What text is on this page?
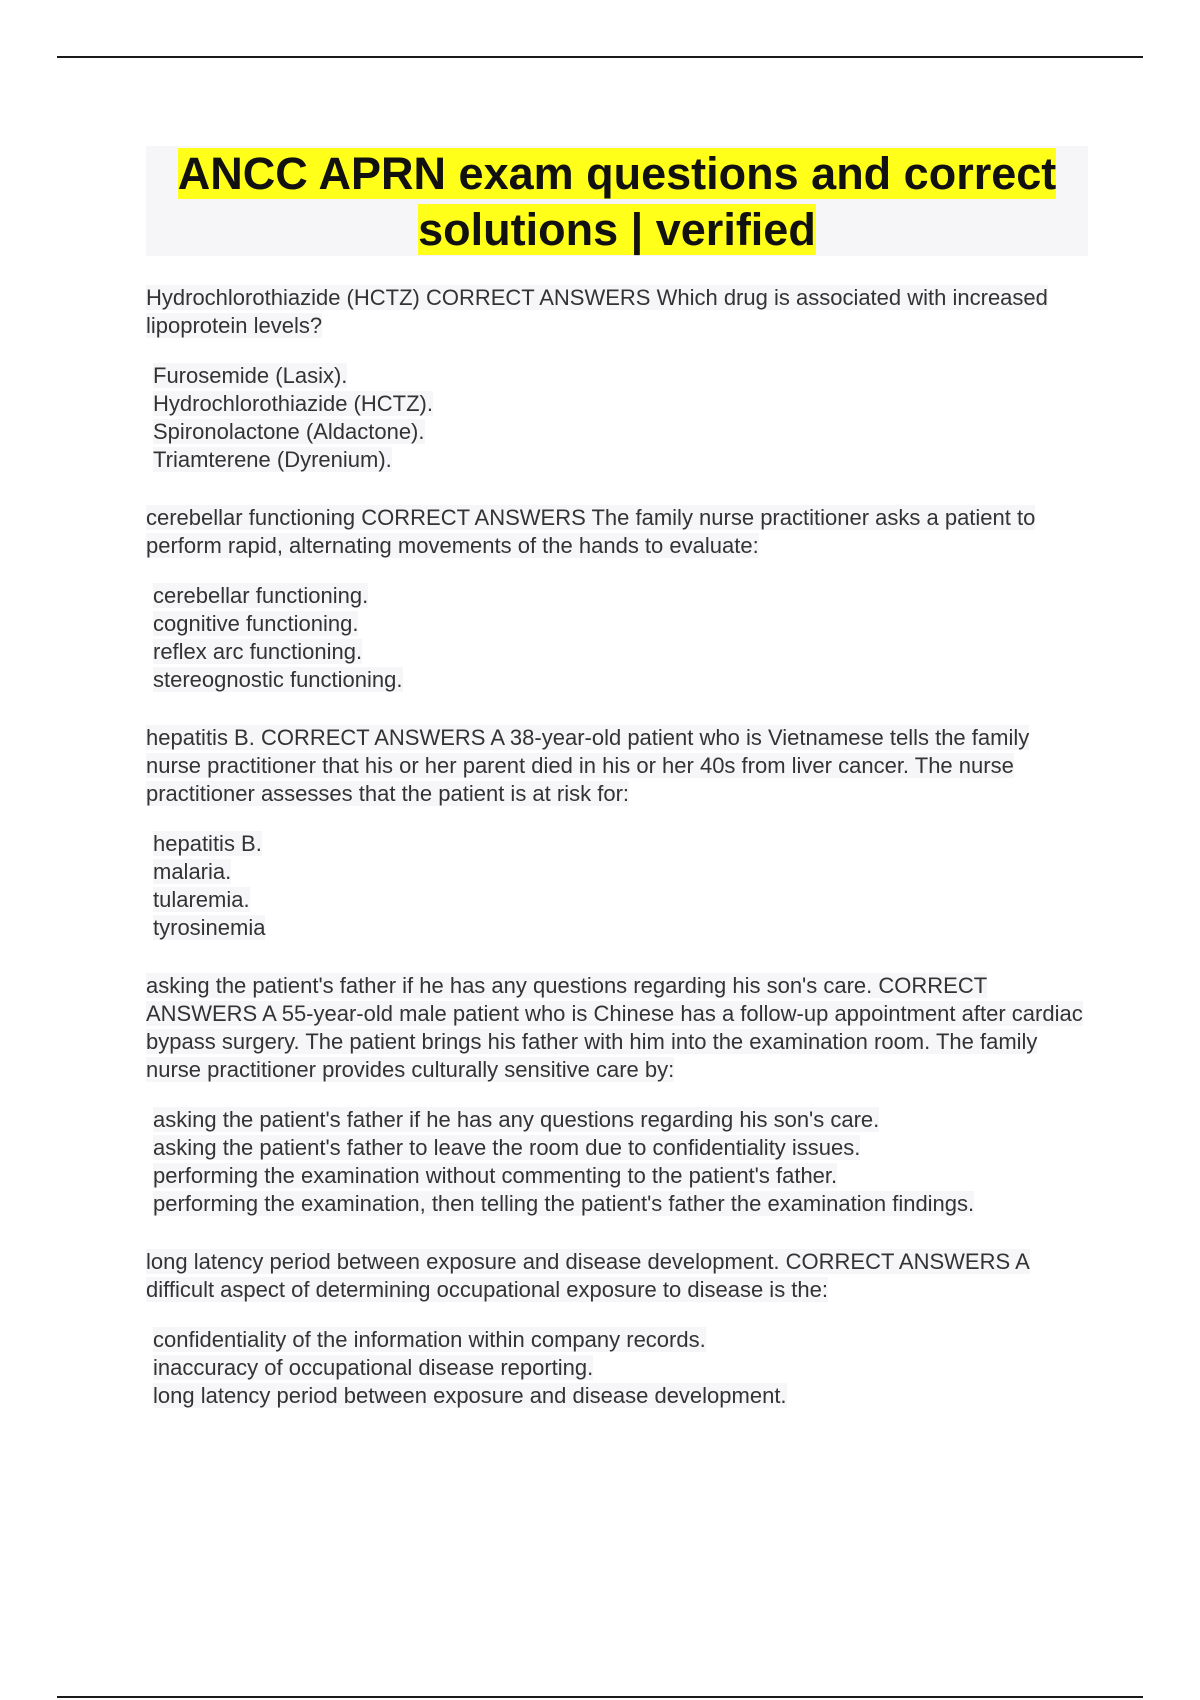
ANCC APRN exam questions and correct solutions | verified

Hydrochlorothiazide (HCTZ) CORRECT ANSWERS Which drug is associated with increased lipoprotein levels?

Furosemide (Lasix).
Hydrochlorothiazide (HCTZ).
Spironolactone (Aldactone).
Triamterene (Dyrenium).

cerebellar functioning CORRECT ANSWERS The family nurse practitioner asks a patient to perform rapid, alternating movements of the hands to evaluate:

cerebellar functioning.
cognitive functioning.
reflex arc functioning.
stereognostic functioning.

hepatitis B. CORRECT ANSWERS A 38-year-old patient who is Vietnamese tells the family nurse practitioner that his or her parent died in his or her 40s from liver cancer. The nurse practitioner assesses that the patient is at risk for:

hepatitis B.
malaria.
tularemia.
tyrosinemia

asking the patient's father if he has any questions regarding his son's care. CORRECT ANSWERS A 55-year-old male patient who is Chinese has a follow-up appointment after cardiac bypass surgery. The patient brings his father with him into the examination room. The family nurse practitioner provides culturally sensitive care by:

asking the patient's father if he has any questions regarding his son's care.
asking the patient's father to leave the room due to confidentiality issues.
performing the examination without commenting to the patient's father.
performing the examination, then telling the patient's father the examination findings.

long latency period between exposure and disease development. CORRECT ANSWERS A difficult aspect of determining occupational exposure to disease is the:

confidentiality of the information within company records.
inaccuracy of occupational disease reporting.
long latency period between exposure and disease development.
